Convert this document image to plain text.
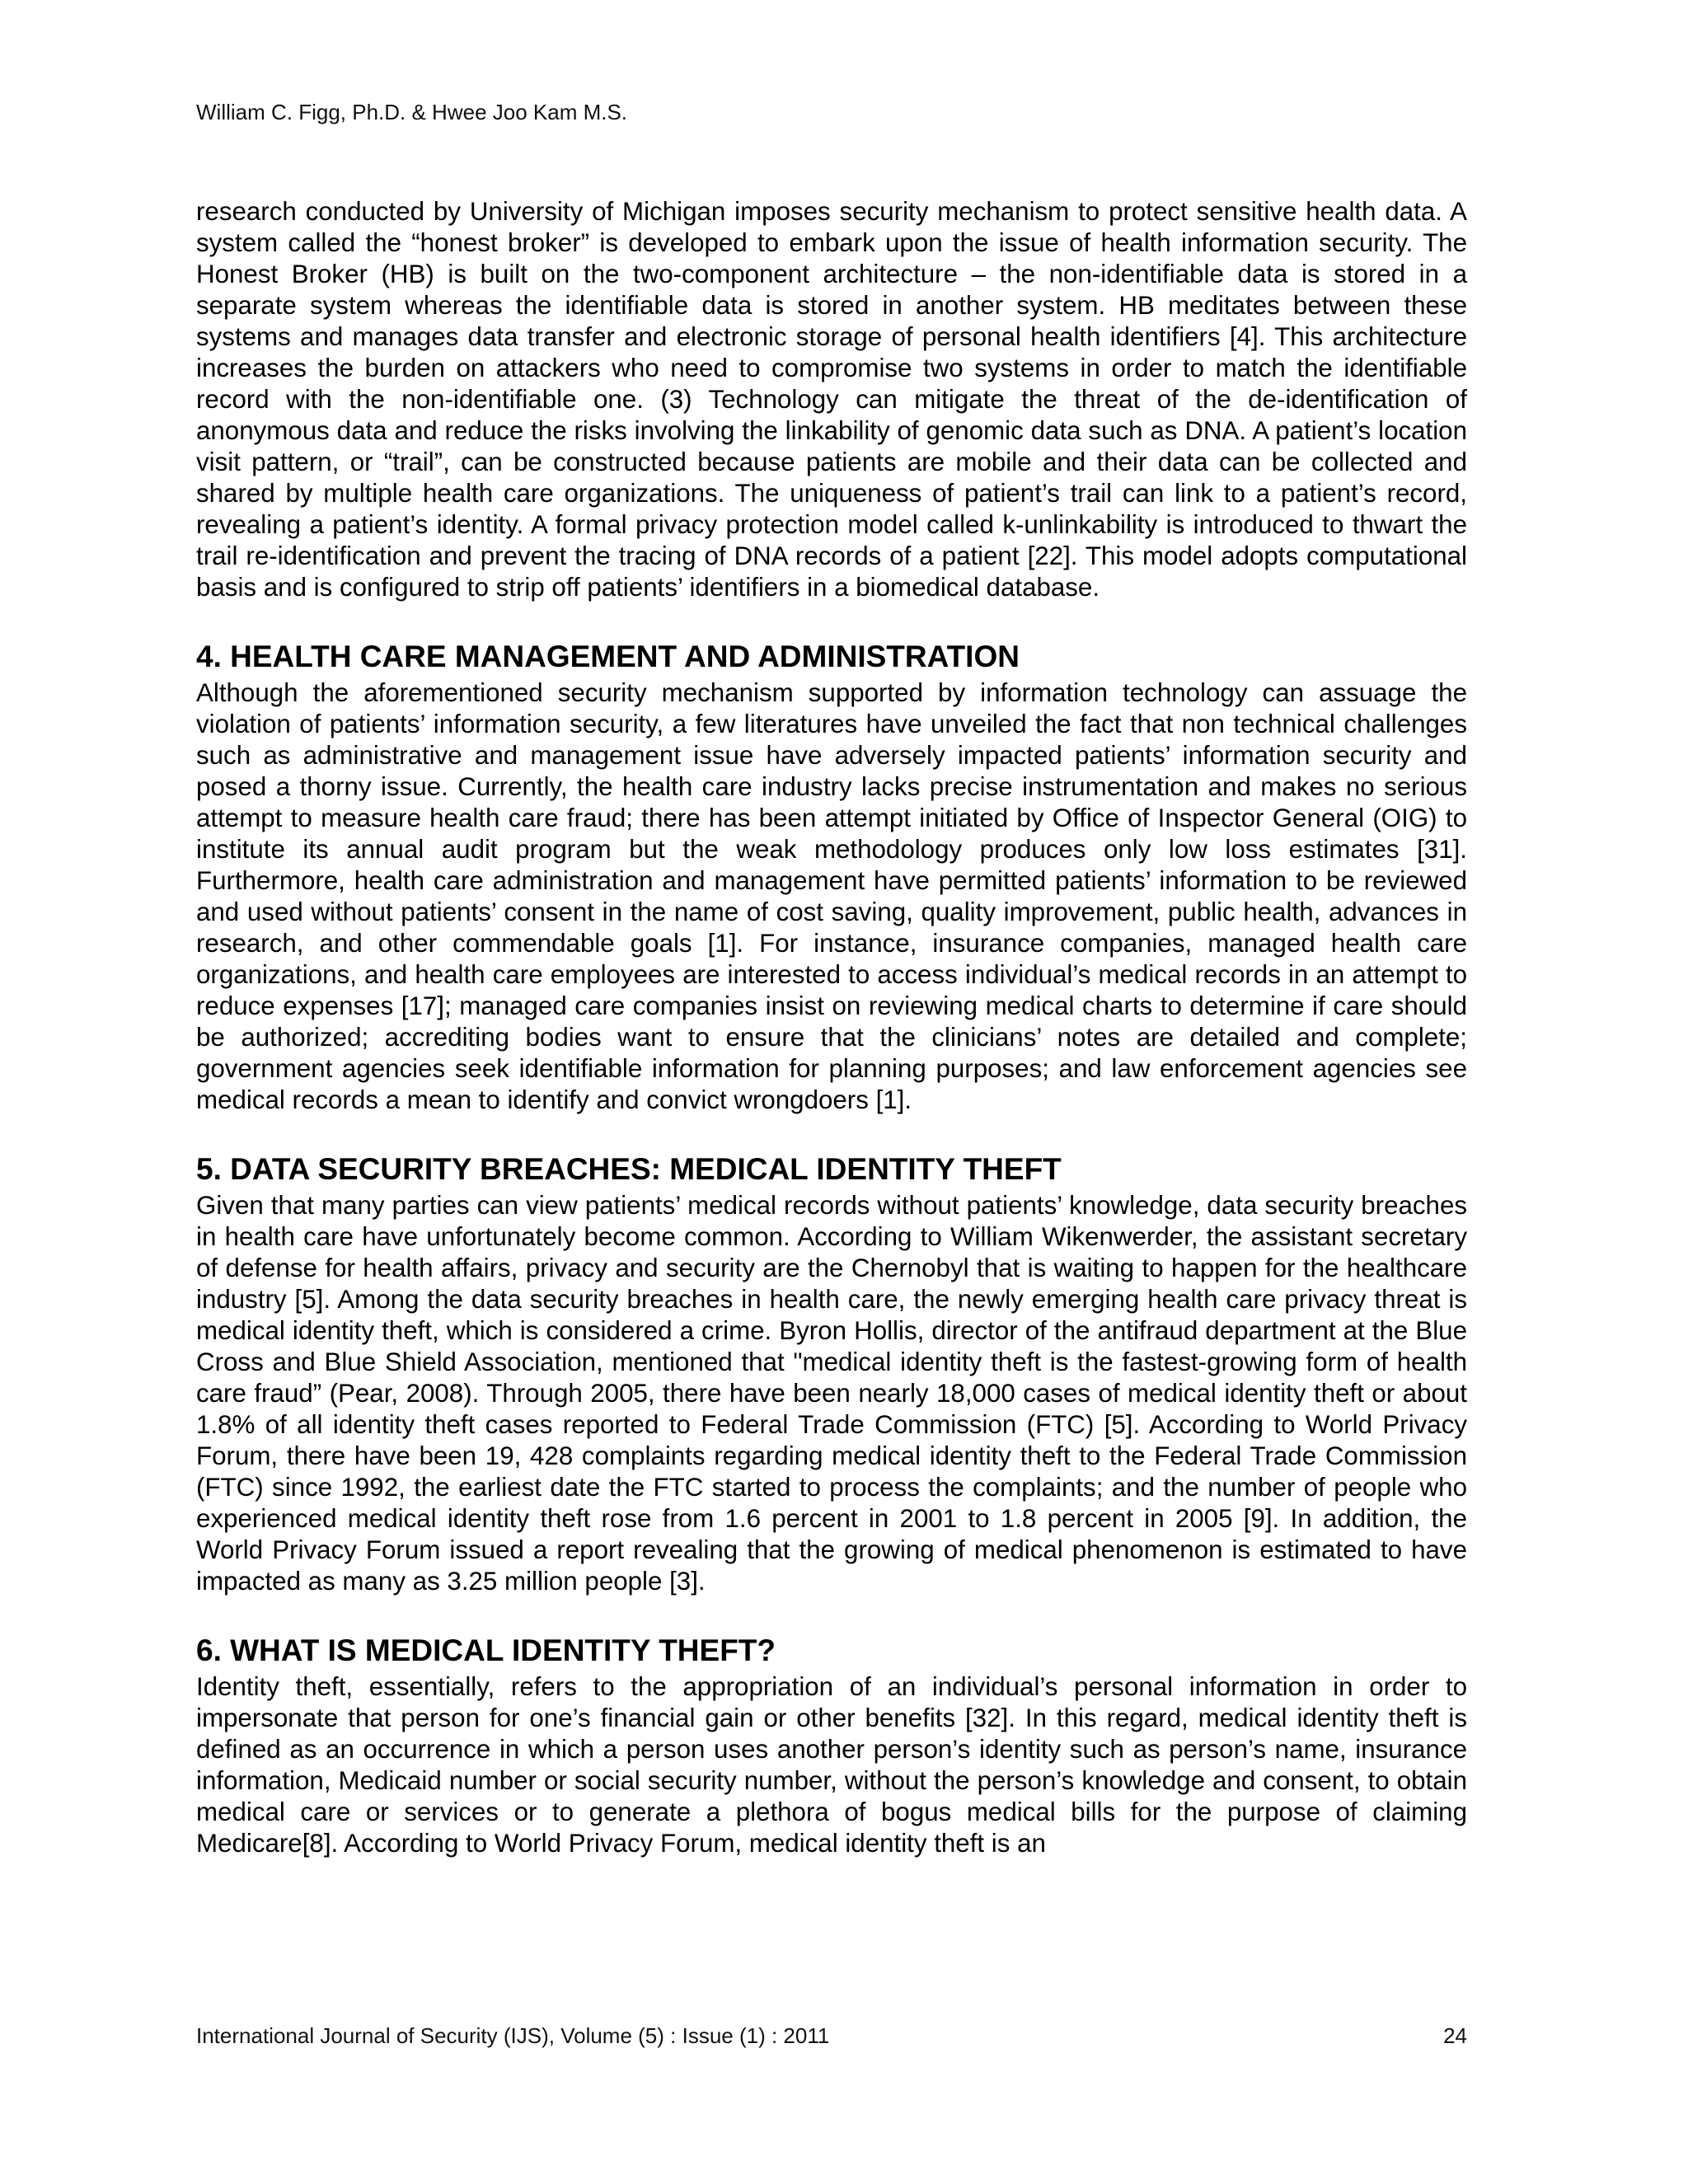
William C. Figg, Ph.D. & Hwee Joo Kam M.S.

research conducted by University of Michigan imposes security mechanism to protect sensitive health data. A system called the “honest broker” is developed to embark upon the issue of health information security. The Honest Broker (HB) is built on the two-component architecture – the non-identifiable data is stored in a separate system whereas the identifiable data is stored in another system. HB meditates between these systems and manages data transfer and electronic storage of personal health identifiers [4]. This architecture increases the burden on attackers who need to compromise two systems in order to match the identifiable record with the non-identifiable one. (3) Technology can mitigate the threat of the de-identification of anonymous data and reduce the risks involving the linkability of genomic data such as DNA. A patient’s location visit pattern, or “trail”, can be constructed because patients are mobile and their data can be collected and shared by multiple health care organizations. The uniqueness of patient’s trail can link to a patient’s record, revealing a patient’s identity. A formal privacy protection model called k-unlinkability is introduced to thwart the trail re-identification and prevent the tracing of DNA records of a patient [22]. This model adopts computational basis and is configured to strip off patients’ identifiers in a biomedical database.

4. HEALTH CARE MANAGEMENT AND ADMINISTRATION

Although the aforementioned security mechanism supported by information technology can assuage the violation of patients’ information security, a few literatures have unveiled the fact that non technical challenges such as administrative and management issue have adversely impacted patients’ information security and posed a thorny issue. Currently, the health care industry lacks precise instrumentation and makes no serious attempt to measure health care fraud; there has been attempt initiated by Office of Inspector General (OIG) to institute its annual audit program but the weak methodology produces only low loss estimates [31]. Furthermore, health care administration and management have permitted patients’ information to be reviewed and used without patients’ consent in the name of cost saving, quality improvement, public health, advances in research, and other commendable goals [1]. For instance, insurance companies, managed health care organizations, and health care employees are interested to access individual’s medical records in an attempt to reduce expenses [17]; managed care companies insist on reviewing medical charts to determine if care should be authorized; accrediting bodies want to ensure that the clinicians’ notes are detailed and complete; government agencies seek identifiable information for planning purposes; and law enforcement agencies see medical records a mean to identify and convict wrongdoers [1].

5. DATA SECURITY BREACHES: MEDICAL IDENTITY THEFT

Given that many parties can view patients’ medical records without patients’ knowledge, data security breaches in health care have unfortunately become common. According to William Wikenwerder, the assistant secretary of defense for health affairs, privacy and security are the Chernobyl that is waiting to happen for the healthcare industry [5]. Among the data security breaches in health care, the newly emerging health care privacy threat is medical identity theft, which is considered a crime. Byron Hollis, director of the antifraud department at the Blue Cross and Blue Shield Association, mentioned that "medical identity theft is the fastest-growing form of health care fraud” (Pear, 2008). Through 2005, there have been nearly 18,000 cases of medical identity theft or about 1.8% of all identity theft cases reported to Federal Trade Commission (FTC) [5]. According to World Privacy Forum, there have been 19, 428 complaints regarding medical identity theft to the Federal Trade Commission (FTC) since 1992, the earliest date the FTC started to process the complaints; and the number of people who experienced medical identity theft rose from 1.6 percent in 2001 to 1.8 percent in 2005 [9]. In addition, the World Privacy Forum issued a report revealing that the growing of medical phenomenon is estimated to have impacted as many as 3.25 million people [3].

6. WHAT IS MEDICAL IDENTITY THEFT?

Identity theft, essentially, refers to the appropriation of an individual’s personal information in order to impersonate that person for one’s financial gain or other benefits [32]. In this regard, medical identity theft is defined as an occurrence in which a person uses another person’s identity such as person’s name, insurance information, Medicaid number or social security number, without the person’s knowledge and consent, to obtain medical care or services or to generate a plethora of bogus medical bills for the purpose of claiming Medicare[8]. According to World Privacy Forum, medical identity theft is an

International Journal of Security (IJS), Volume (5) : Issue (1) : 2011	24
